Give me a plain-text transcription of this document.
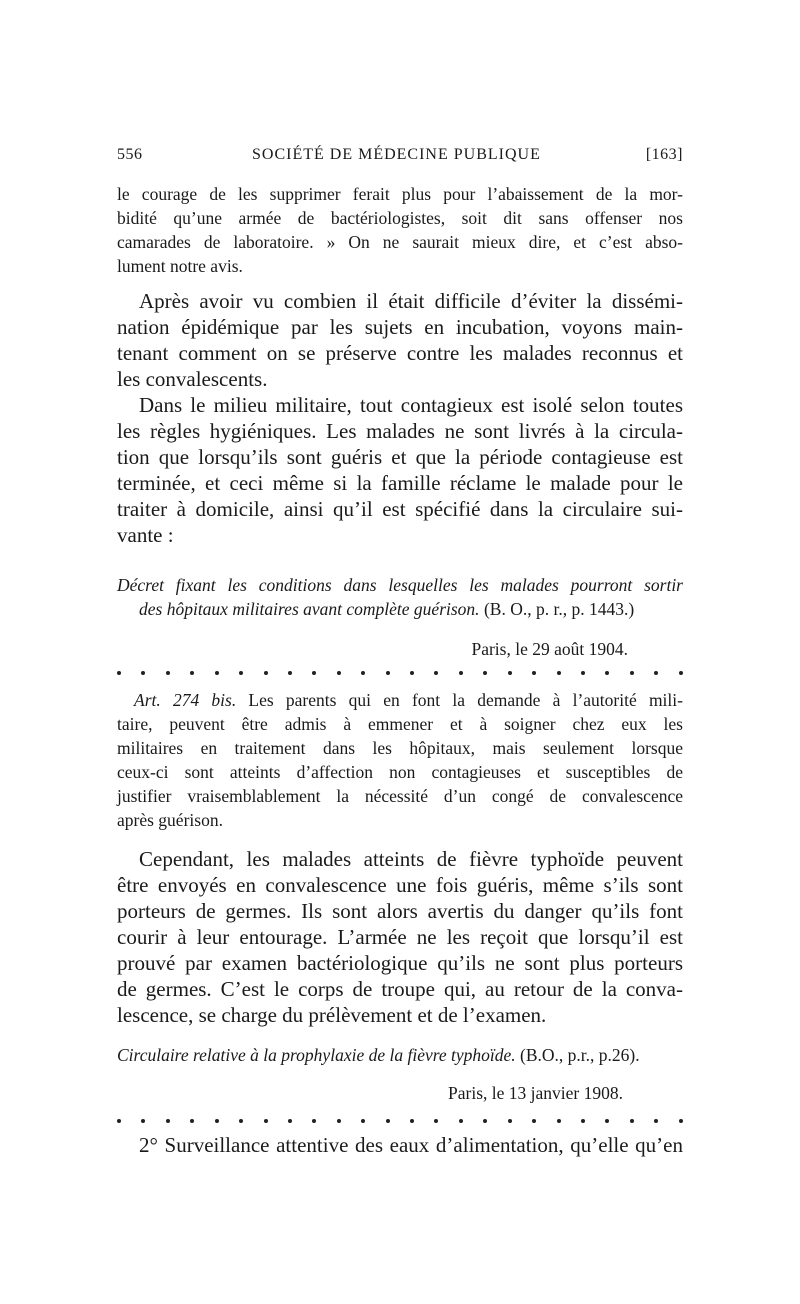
556	SOCIÉTÉ DE MÉDECINE PUBLIQUE	[163]
le courage de les supprimer ferait plus pour l’abaissement de la mor-
bidité qu’une armée de bactériologistes, soit dit sans offenser nos
camarades de laboratoire. » On ne saurait mieux dire, et c’est abso-
lument notre avis.
Après avoir vu combien il était difficile d’éviter la dissémi-
nation épidémique par les sujets en incubation, voyons main-
tenant comment on se préserve contre les malades reconnus et
les convalescents.
Dans le milieu militaire, tout contagieux est isolé selon toutes
les règles hygiéniques. Les malades ne sont livrés à la circula-
tion que lorsqu’ils sont guéris et que la période contagieuse est
terminée, et ceci même si la famille réclame le malade pour le
traiter à domicile, ainsi qu’il est spécifié dans la circulaire sui-
vante :
Décret fixant les conditions dans lesquelles les malades pourront sortir
des hôpitaux militaires avant complète guérison. (B. O., p. r., p. 1443.)
Paris, le 29 août 1904.
Art. 274 bis. Les parents qui en font la demande à l’autorité mili-
taire, peuvent être admis à emmener et à soigner chez eux les
militaires en traitement dans les hôpitaux, mais seulement lorsque
ceux-ci sont atteints d’affection non contagieuses et susceptibles de
justifier vraisemblablement la nécessité d’un congé de convalescence
après guérison.
Cependant, les malades atteints de fièvre typhoïde peuvent
être envoyés en convalescence une fois guéris, même s’ils sont
porteurs de germes. Ils sont alors avertis du danger qu’ils font
courir à leur entourage. L’armée ne les reçoit que lorsqu’il est
prouvé par examen bactériologique qu’ils ne sont plus porteurs
de germes. C’est le corps de troupe qui, au retour de la conva-
lescence, se charge du prélèvement et de l’examen.
Circulaire relative à la prophylaxie de la fièvre typhoïde. (B.O., p.r., p.26).
Paris, le 13 janvier 1908.
2° Surveillance attentive des eaux d’alimentation, qu’elle qu’en
